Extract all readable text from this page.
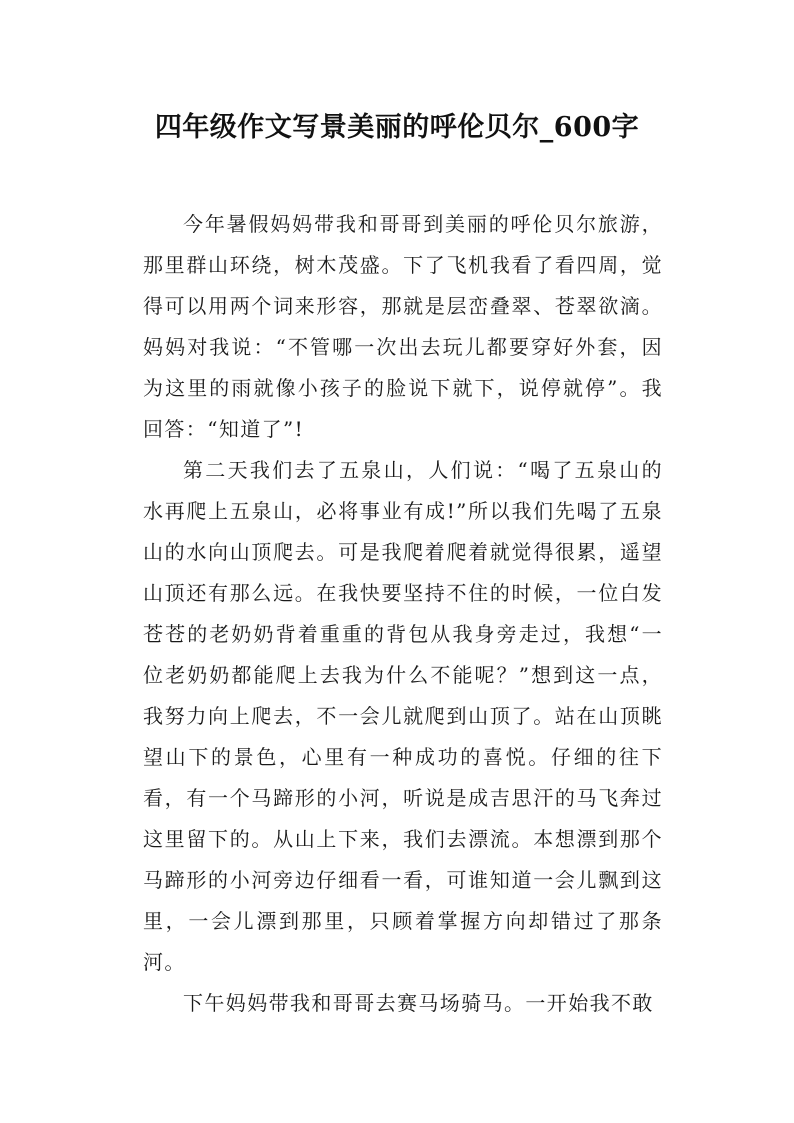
四年级作文写景美丽的呼伦贝尔_600字

今年暑假妈妈带我和哥哥到美丽的呼伦贝尔旅游，那里群山环绕，树木茂盛。下了飞机我看了看四周，觉得可以用两个词来形容，那就是层峦叠翠、苍翠欲滴。妈妈对我说：“不管哪一次出去玩儿都要穿好外套，因为这里的雨就像小孩子的脸说下就下，说停就停”。我回答：“知道了”!

第二天我们去了五泉山，人们说：“喝了五泉山的水再爬上五泉山，必将事业有成!”所以我们先喝了五泉山的水向山顶爬去。可是我爬着爬着就觉得很累，遥望山顶还有那么远。在我快要坚持不住的时候，一位白发苍苍的老奶奶背着重重的背包从我身旁走过，我想“一位老奶奶都能爬上去我为什么不能呢？”想到这一点，我努力向上爬去，不一会儿就爬到山顶了。站在山顶眺望山下的景色，心里有一种成功的喜悦。仔细的往下看，有一个马蹄形的小河，听说是成吉思汗的马飞奔过这里留下的。从山上下来，我们去漂流。本想漂到那个马蹄形的小河旁边仔细看一看，可谁知道一会儿飘到这里，一会儿漂到那里，只顾着掌握方向却错过了那条河。

下午妈妈带我和哥哥去赛马场骑马。一开始我不敢
